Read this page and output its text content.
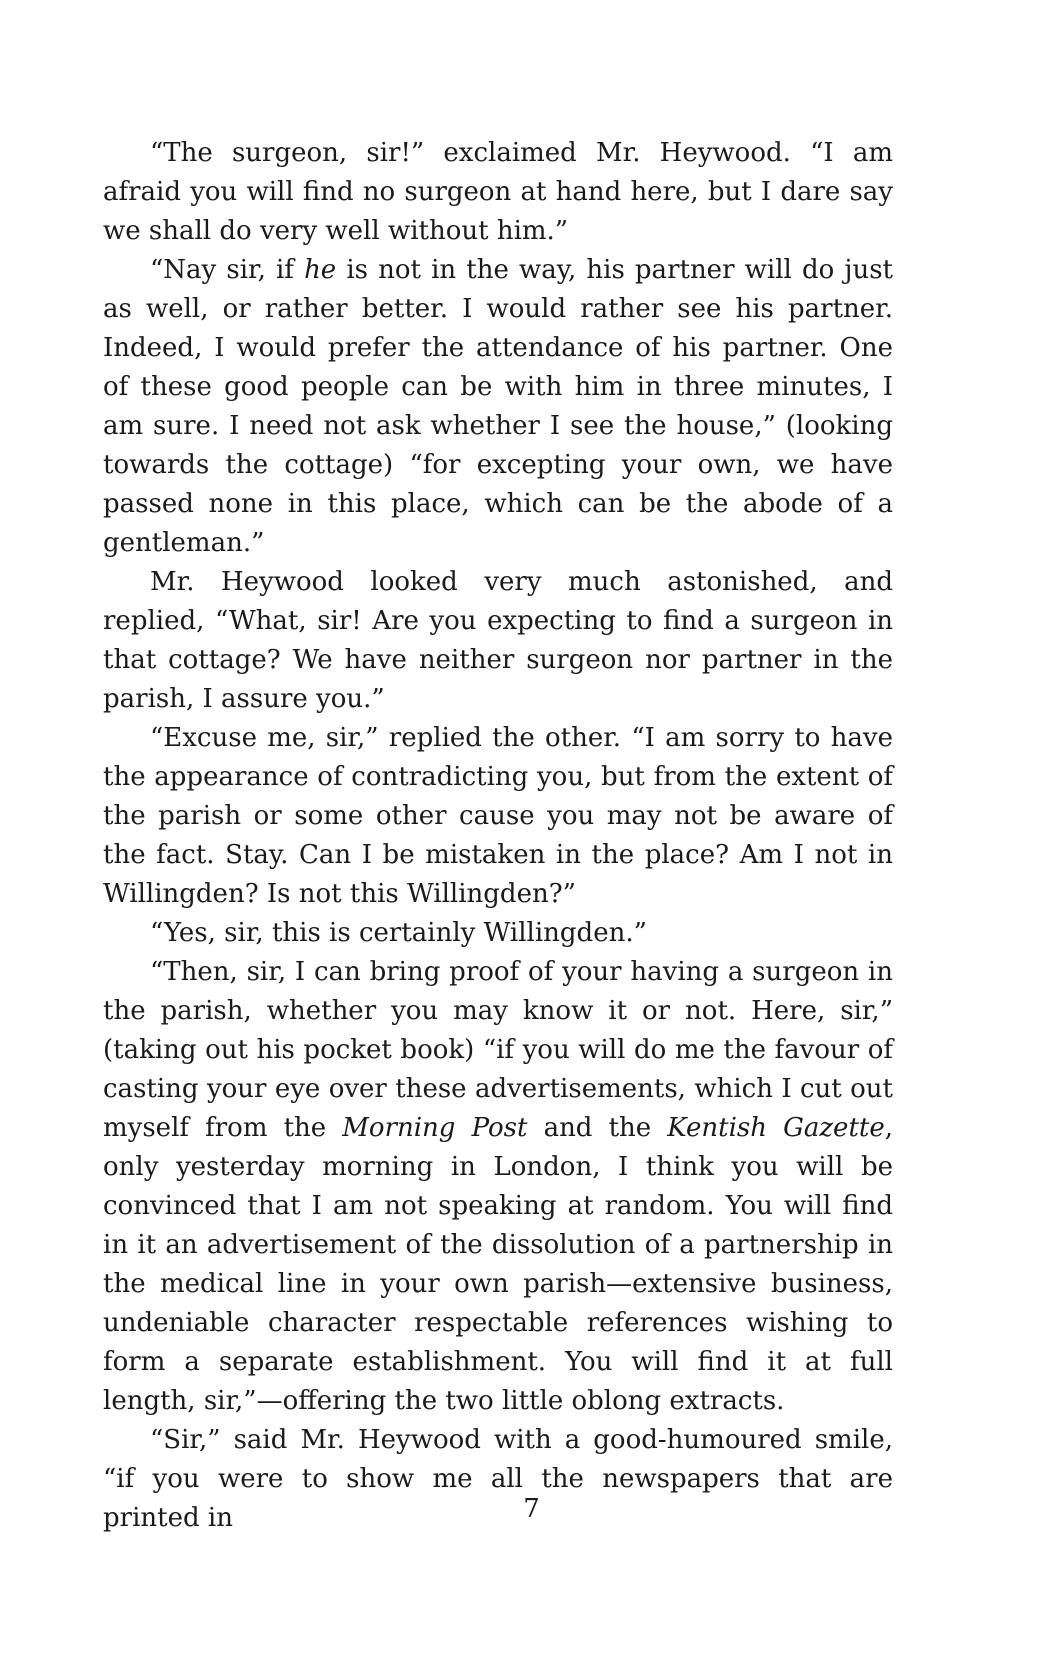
“The surgeon, sir!” exclaimed Mr. Heywood. “I am afraid you will find no surgeon at hand here, but I dare say we shall do very well without him.”

“Nay sir, if he is not in the way, his partner will do just as well, or rather better. I would rather see his partner. Indeed, I would prefer the attendance of his partner. One of these good people can be with him in three minutes, I am sure. I need not ask whether I see the house,” (looking towards the cottage) “for excepting your own, we have passed none in this place, which can be the abode of a gentleman.”

Mr. Heywood looked very much astonished, and replied, “What, sir! Are you expecting to find a surgeon in that cottage? We have neither surgeon nor partner in the parish, I assure you.”

“Excuse me, sir,” replied the other. “I am sorry to have the appearance of contradicting you, but from the extent of the parish or some other cause you may not be aware of the fact. Stay. Can I be mistaken in the place? Am I not in Willingden? Is not this Willingden?”

“Yes, sir, this is certainly Willingden.”

“Then, sir, I can bring proof of your having a surgeon in the parish, whether you may know it or not. Here, sir,” (taking out his pocket book) “if you will do me the favour of casting your eye over these advertisements, which I cut out myself from the Morning Post and the Kentish Gazette, only yesterday morning in London, I think you will be convinced that I am not speaking at random. You will find in it an advertisement of the dissolution of a partnership in the medical line in your own parish—extensive business, undeniable character respectable references wishing to form a separate establishment. You will find it at full length, sir,”—offering the two little oblong extracts.

“Sir,” said Mr. Heywood with a good-humoured smile, “if you were to show me all the newspapers that are printed in	7
